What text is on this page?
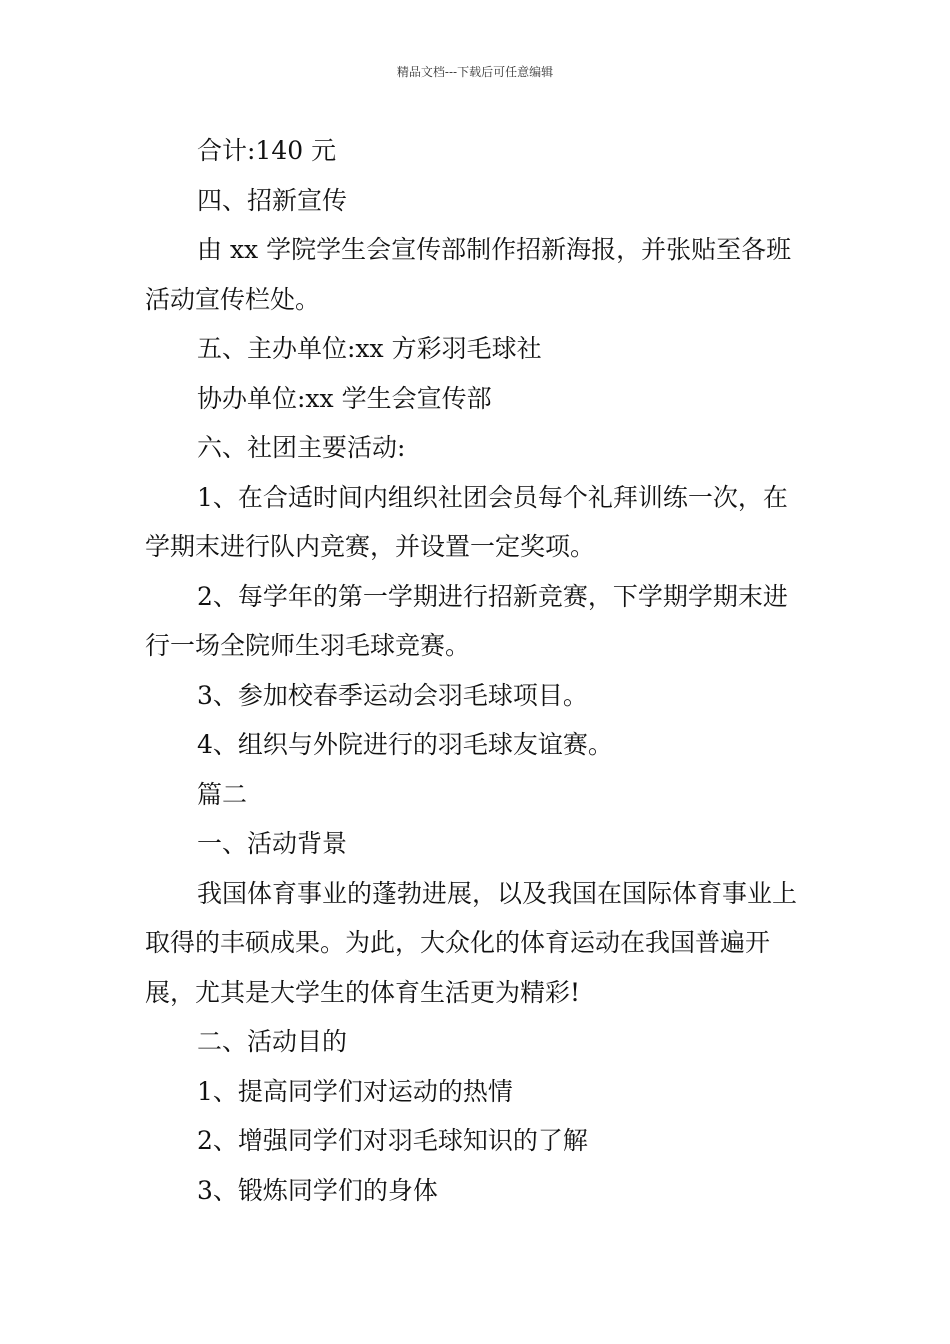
精品文档---下载后可任意编辑

合计:140 元

四、招新宣传

由 xx 学院学生会宣传部制作招新海报，并张贴至各班活动宣传栏处。

五、主办单位:xx 方彩羽毛球社

协办单位:xx 学生会宣传部

六、社团主要活动:

1、在合适时间内组织社团会员每个礼拜训练一次，在学期末进行队内竞赛，并设置一定奖项。

2、每学年的第一学期进行招新竞赛，下学期学期末进行一场全院师生羽毛球竞赛。

3、参加校春季运动会羽毛球项目。

4、组织与外院进行的羽毛球友谊赛。

篇二

一、活动背景

我国体育事业的蓬勃进展，以及我国在国际体育事业上取得的丰硕成果。为此，大众化的体育运动在我国普遍开展，尤其是大学生的体育生活更为精彩!

二、活动目的

1、提高同学们对运动的热情

2、增强同学们对羽毛球知识的了解

3、锻炼同学们的身体
